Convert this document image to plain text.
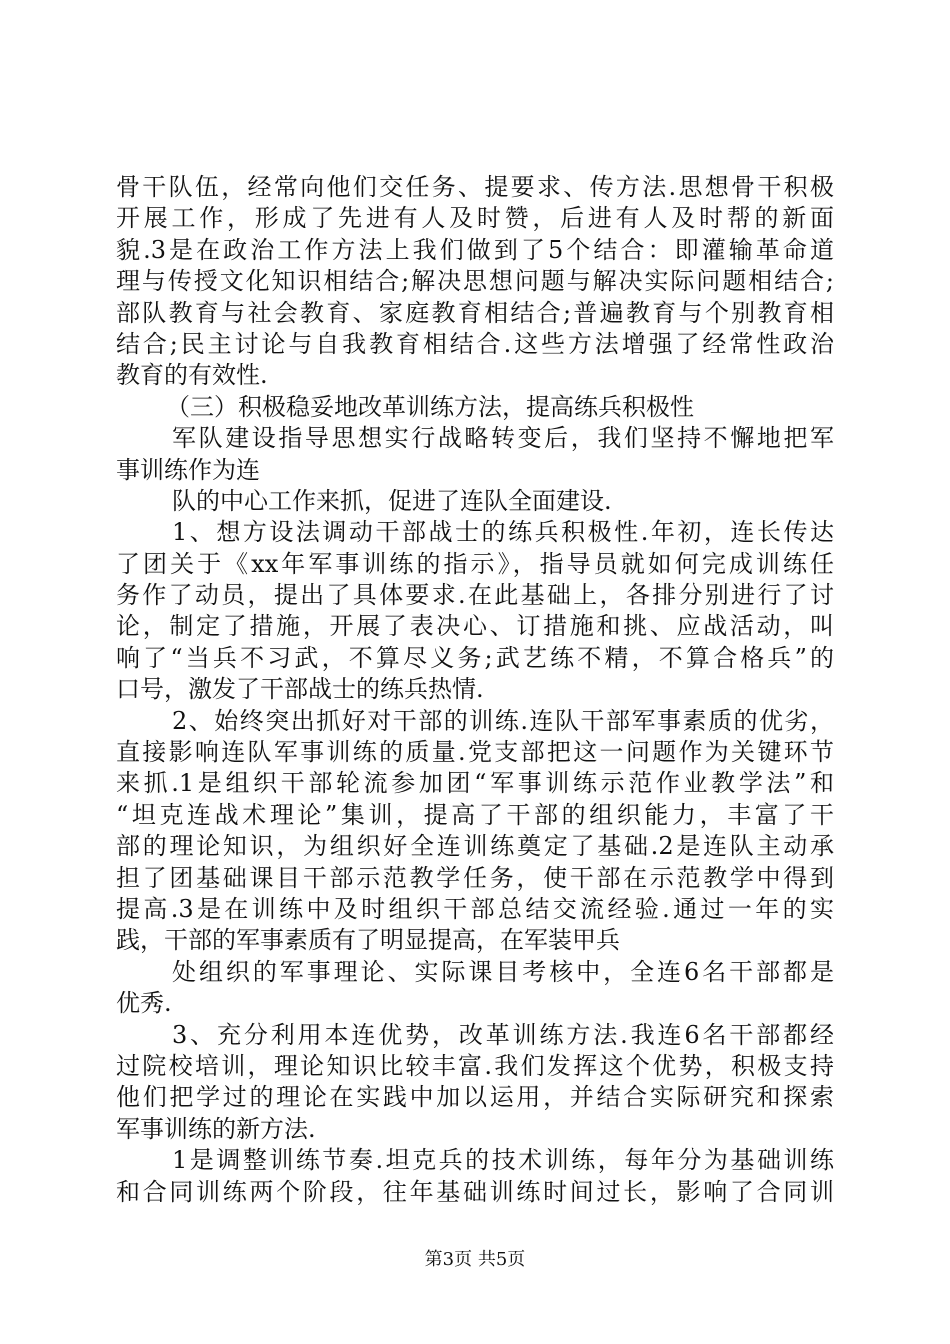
骨干队伍，经常向他们交任务、提要求、传方法.思想骨干积极
开展工作，形成了先进有人及时赞，后进有人及时帮的新面
貌.3是在政治工作方法上我们做到了5个结合：即灌输革命道
理与传授文化知识相结合;解决思想问题与解决实际问题相结合;
部队教育与社会教育、家庭教育相结合;普遍教育与个别教育相
结合;民主讨论与自我教育相结合.这些方法增强了经常性政治
教育的有效性.
（三）积极稳妥地改革训练方法，提高练兵积极性
军队建设指导思想实行战略转变后，我们坚持不懈地把军
事训练作为连
队的中心工作来抓，促进了连队全面建设.
1、想方设法调动干部战士的练兵积极性.年初，连长传达
了团关于《xx年军事训练的指示》，指导员就如何完成训练任
务作了动员，提出了具体要求.在此基础上，各排分别进行了讨
论，制定了措施，开展了表决心、订措施和挑、应战活动，叫
响了“当兵不习武，不算尽义务;武艺练不精，不算合格兵”的
口号，激发了干部战士的练兵热情.
2、始终突出抓好对干部的训练.连队干部军事素质的优劣，
直接影响连队军事训练的质量.党支部把这一问题作为关键环节
来抓.1是组织干部轮流参加团“军事训练示范作业教学法”和
“坦克连战术理论”集训，提高了干部的组织能力，丰富了干
部的理论知识，为组织好全连训练奠定了基础.2是连队主动承
担了团基础课目干部示范教学任务，使干部在示范教学中得到
提高.3是在训练中及时组织干部总结交流经验.通过一年的实
践，干部的军事素质有了明显提高，在军装甲兵
处组织的军事理论、实际课目考核中，全连6名干部都是
优秀.
3、充分利用本连优势，改革训练方法.我连6名干部都经
过院校培训，理论知识比较丰富.我们发挥这个优势，积极支持
他们把学过的理论在实践中加以运用，并结合实际研究和探索
军事训练的新方法.
1是调整训练节奏.坦克兵的技术训练，每年分为基础训练
和合同训练两个阶段，往年基础训练时间过长，影响了合同训
第3页 共5页
